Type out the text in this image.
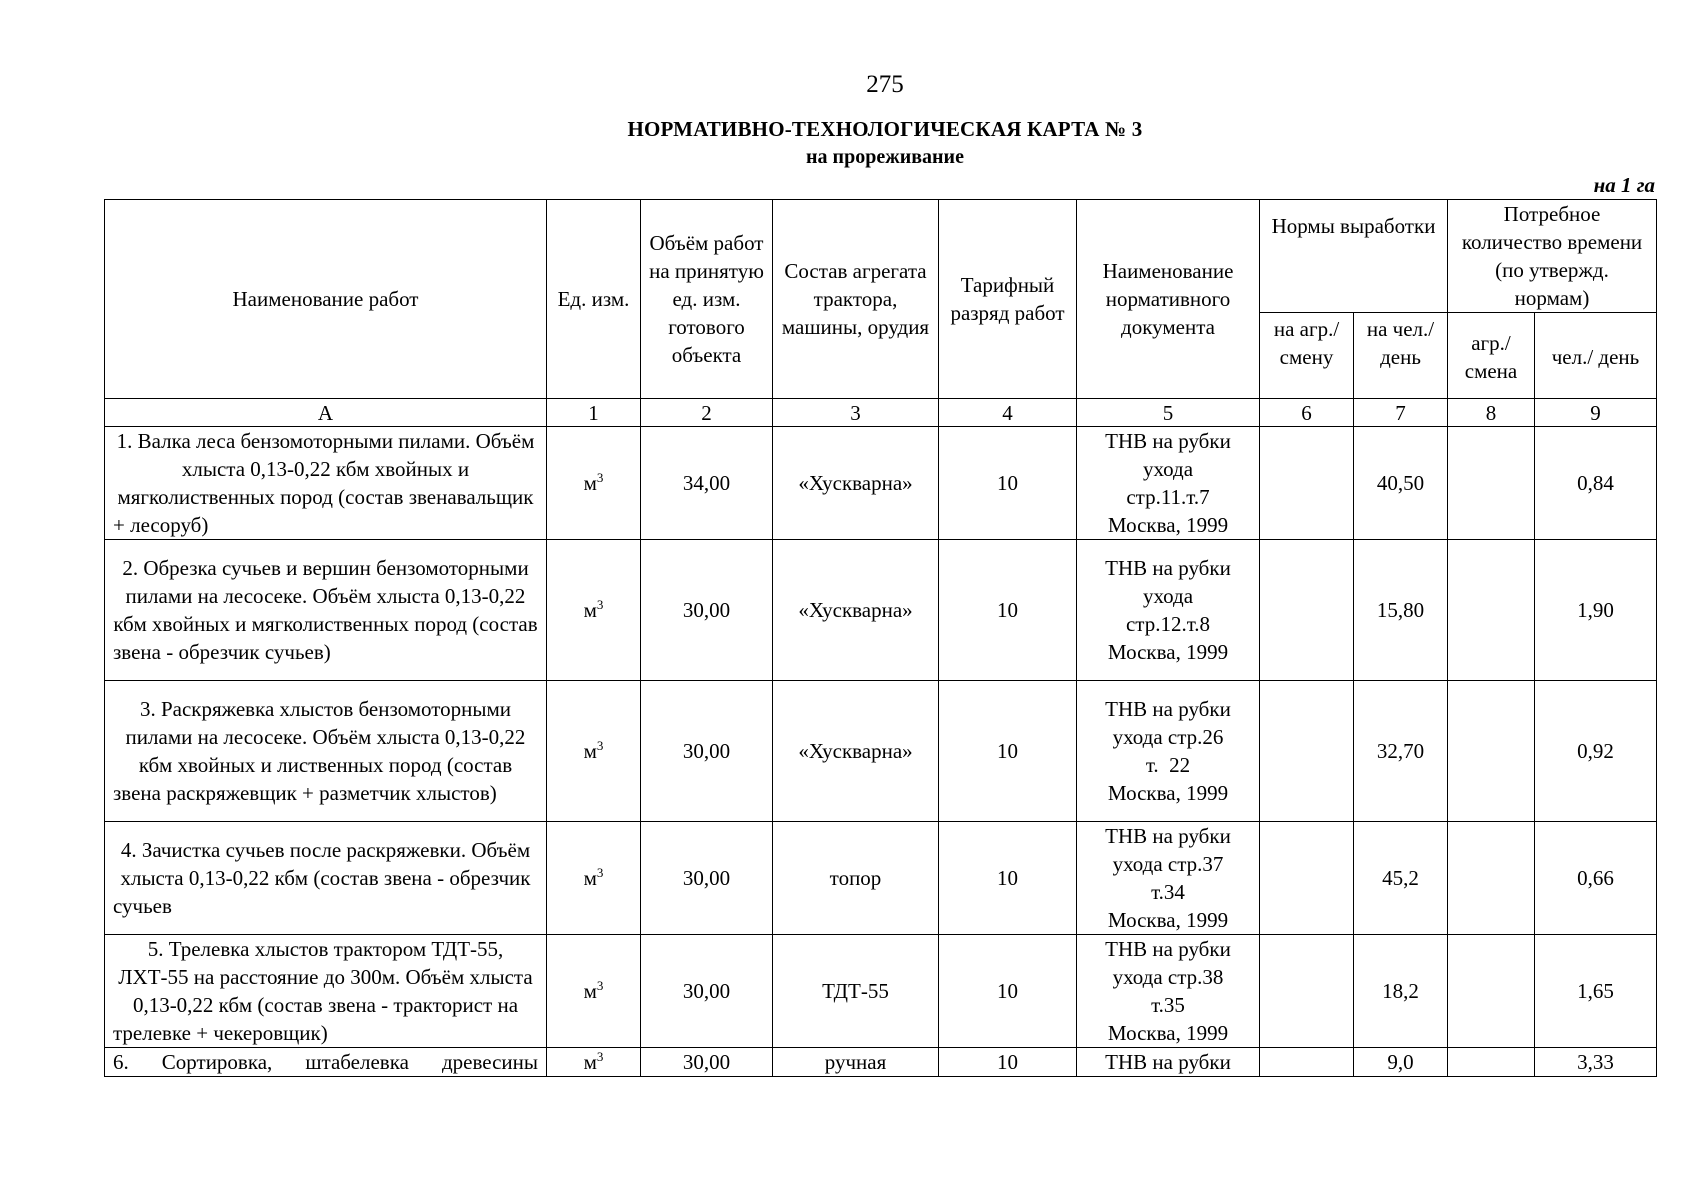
275
НОРМАТИВНО-ТЕХНОЛОГИЧЕСКАЯ КАРТА № 3
на прореживание
на 1 га
Наименование работ	Ед. изм.	Объём работ на принятую ед. изм. готового объекта	Состав агрегата трактора, машины, орудия	Тарифный разряд работ	Наименование нормативного документа	Нормы выработки		Потребное количество времени (по утвержд. нормам)	
						на агр./ смену	на чел./ день	агр./ смена	чел./ день
А	1	2	3	4	5	6	7	8	9
1. Валка леса бензомоторными пилами. Объём хлыста 0,13-0,22 кбм хвойных и мягколиственных пород (состав звенавальщик + лесоруб)	$м^3$	34,00	«Хускварна»	10	ТНВ на рубки
ухода
стр.11.т.7
Москва, 1999		40,50		0,84
2. Обрезка сучьев и вершин бензомоторными пилами на лесосеке. Объём хлыста 0,13-0,22 кбм хвойных и мягколиственных пород (состав звена - обрезчик сучьев)	$м^3$	30,00	«Хускварна»	10	ТНВ на рубки
ухода
стр.12.т.8
Москва, 1999		15,80		1,90
3. Раскряжевка хлыстов бензомоторными пилами на лесосеке. Объём хлыста 0,13-0,22 кбм хвойных и лиственных пород (состав звена раскряжевщик + разметчик хлыстов)	$м^3$	30,00	«Хускварна»	10	ТНВ на рубки
ухода стр.26
т.  22
Москва, 1999		32,70		0,92
4. Зачистка сучьев после раскряжевки. Объём хлыста 0,13-0,22 кбм (состав звена - обрезчик сучьев	$м^3$	30,00	топор	10	ТНВ на рубки
ухода стр.37
т.34
Москва, 1999		45,2		0,66
5. Трелевка хлыстов трактором ТДТ-55, ЛХТ-55 на расстояние до 300м. Объём хлыста 0,13-0,22 кбм (состав звена - тракторист на трелевке + чекеровщик)	$м^3$	30,00	ТДТ-55	10	ТНВ на рубки
ухода стр.38
т.35
Москва, 1999		18,2		1,65
6. Сортировка, штабелевка древесины	$м^3$	30,00	ручная	10	ТНВ на рубки		9,0		3,33
